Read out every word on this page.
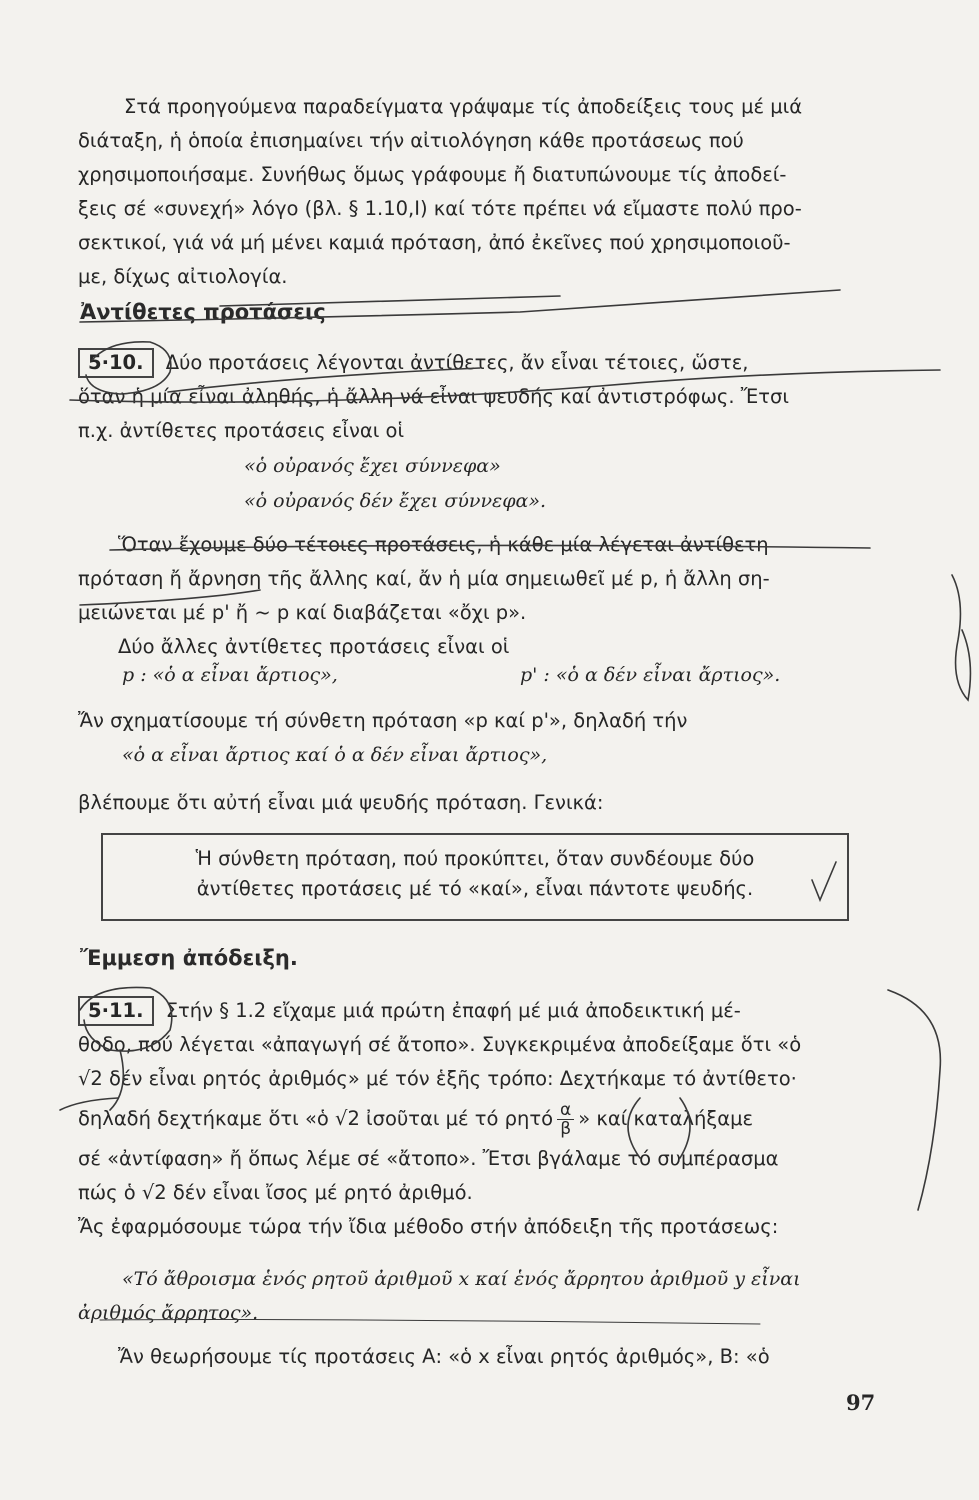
Στά προηγούμενα παραδείγματα γράψαμε τίς ἀποδείξεις τους μέ μιά
διάταξη, ἡ ὁποία ἐπισημαίνει τήν αἰτιολόγηση κάθε προτάσεως πού
χρησιμοποιήσαμε. Συνήθως ὅμως γράφουμε ἤ διατυπώνουμε τίς ἀποδεί-
ξεις σέ «συνεχή» λόγο (βλ. § 1.10,Ι) καί τότε πρέπει νά εἴμαστε πολύ προ-
σεκτικοί, γιά νά μή μένει καμιά πρόταση, ἀπό ἐκεῖνες πού χρησιμοποιοῦ-
με, δίχως αἰτιολογία.
Ἀντίθετες προτάσεις
5·10. Δύο προτάσεις λέγονται ἀντίθετες, ἄν εἶναι τέτοιες, ὥστε,
ὅταν ἡ μία εἶναι ἀληθής, ἡ ἄλλη νά εἶναι ψευδής καί ἀντιστρόφως. Ἔτσι
π.χ. ἀντίθετες προτάσεις εἶναι οἱ
«ὁ οὐρανός ἔχει σύννεφα»
«ὁ οὐρανός δέν ἔχει σύννεφα».
Ὅταν ἔχουμε δύο τέτοιες προτάσεις, ἡ κάθε μία λέγεται ἀντίθετη
πρόταση ἤ ἄρνηση τῆς ἄλλης καί, ἄν ἡ μία σημειωθεῖ μέ p, ἡ ἄλλη ση-
μειώνεται μέ p' ἤ ~ p καί διαβάζεται «ὄχι p».
Δύο ἄλλες ἀντίθετες προτάσεις εἶναι οἱ
p : «ὁ α εἶναι ἄρτιος»,	p' : «ὁ α δέν εἶναι ἄρτιος».
Ἄν σχηματίσουμε τή σύνθετη πρόταση «p καί p'», δηλαδή τήν
«ὁ α εἶναι ἄρτιος καί ὁ α δέν εἶναι ἄρτιος»,
βλέπουμε ὅτι αὐτή εἶναι μιά ψευδής πρόταση. Γενικά:
Ἡ σύνθετη πρόταση, πού προκύπτει, ὅταν συνδέουμε δύο
ἀντίθετες προτάσεις μέ τό «καί», εἶναι πάντοτε ψευδής.
Ἔμμεση ἀπόδειξη.
5·11. Στήν § 1.2 εἴχαμε μιά πρώτη ἐπαφή μέ μιά ἀποδεικτική μέ-
θοδο, πού λέγεται «ἀπαγωγή σέ ἄτοπο». Συγκεκριμένα ἀποδείξαμε ὅτι «ὁ
√2 δέν εἶναι ρητός ἀριθμός» μέ τόν ἑξῆς τρόπο: Δεχτήκαμε τό ἀντίθετο·
δηλαδή δεχτήκαμε ὅτι «ὁ √2 ἰσοῦται μέ τό ρητό $\frac{\alpha}{\beta}$ » καί καταλήξαμε
σέ «ἀντίφαση» ἤ ὅπως λέμε σέ «ἄτοπο». Ἔτσι βγάλαμε τό συμπέρασμα
πώς ὁ √2 δέν εἶναι ἴσος μέ ρητό ἀριθμό.
Ἄς ἐφαρμόσουμε τώρα τήν ἴδια μέθοδο στήν ἀπόδειξη τῆς προτάσεως:
«Τό ἄθροισμα ἑνός ρητοῦ ἀριθμοῦ x καί ἑνός ἄρρητου ἀριθμοῦ y εἶναι
ἀριθμός ἄρρητος».
Ἄν θεωρήσουμε τίς προτάσεις Α: «ὁ x εἶναι ρητός ἀριθμός», Β: «ὁ
97
